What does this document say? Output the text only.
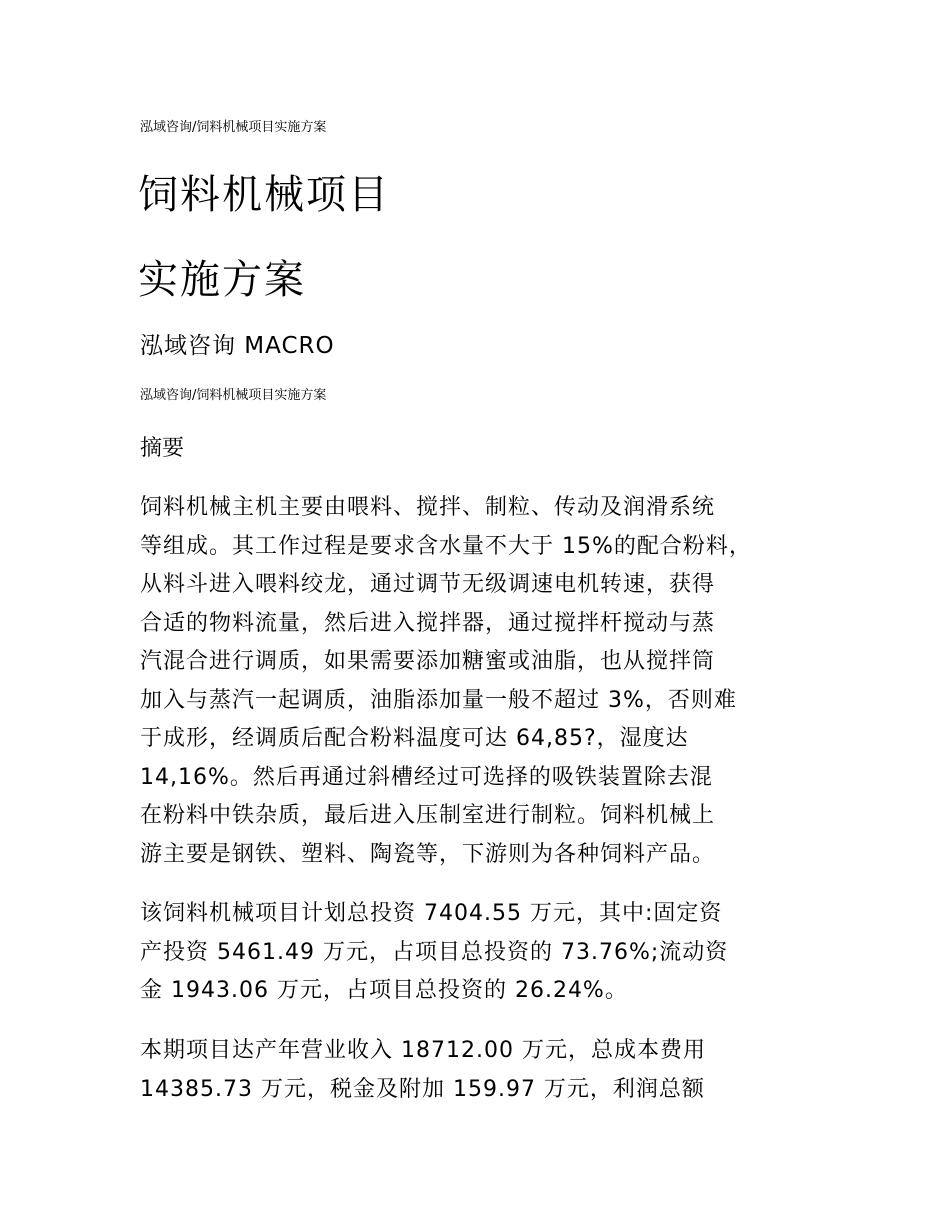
泓域咨询/饲料机械项目实施方案
饲料机械项目
实施方案
泓域咨询 MACRO
泓域咨询/饲料机械项目实施方案
摘要
饲料机械主机主要由喂料、搅拌、制粒、传动及润滑系统
等组成。其工作过程是要求含水量不大于 15%的配合粉料，
从料斗进入喂料绞龙，通过调节无级调速电机转速，获得
合适的物料流量，然后进入搅拌器，通过搅拌杆搅动与蒸
汽混合进行调质，如果需要添加糖蜜或油脂，也从搅拌筒
加入与蒸汽一起调质，油脂添加量一般不超过 3%，否则难
于成形，经调质后配合粉料温度可达 64,85?，湿度达
14,16%。然后再通过斜槽经过可选择的吸铁装置除去混
在粉料中铁杂质，最后进入压制室进行制粒。饲料机械上
游主要是钢铁、塑料、陶瓷等，下游则为各种饲料产品。
该饲料机械项目计划总投资 7404.55 万元，其中:固定资
产投资 5461.49 万元，占项目总投资的 73.76%;流动资
金 1943.06 万元，占项目总投资的 26.24%。
本期项目达产年营业收入 18712.00 万元，总成本费用
14385.73 万元，税金及附加 159.97 万元，利润总额
